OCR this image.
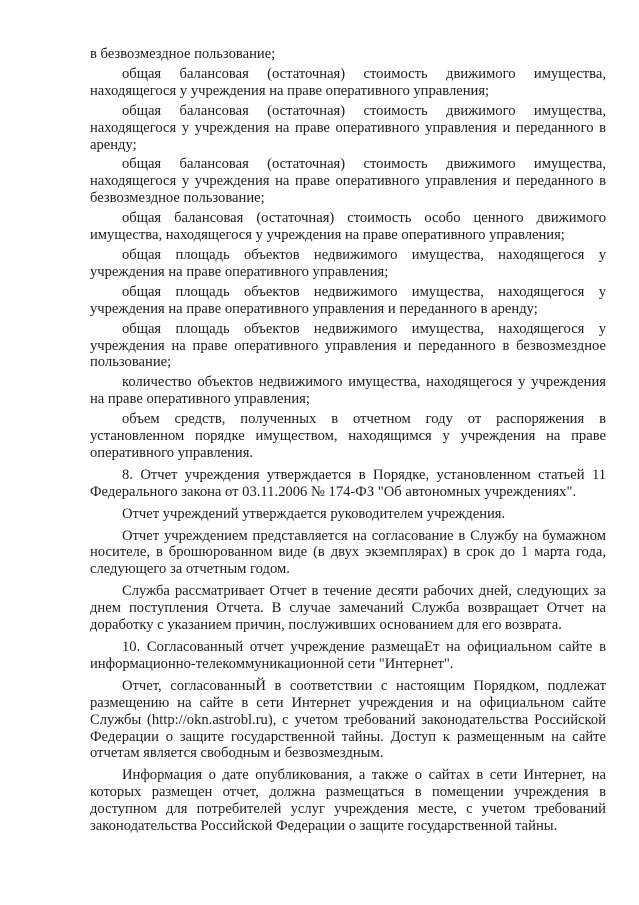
в безвозмездное пользование;

общая балансовая (остаточная) стоимость движимого имущества, находящегося у учреждения на праве оперативного управления;

общая балансовая (остаточная) стоимость движимого имущества, находящегося у учреждения на праве оперативного управления и переданного в аренду;

общая балансовая (остаточная) стоимость движимого имущества, находящегося у учреждения на праве оперативного управления и переданного в безвозмездное пользование;

общая балансовая (остаточная) стоимость особо ценного движимого имущества, находящегося у учреждения на праве оперативного управления;

общая площадь объектов недвижимого имущества, находящегося у учреждения на праве оперативного управления;

общая площадь объектов недвижимого имущества, находящегося у учреждения на праве оперативного управления и переданного в аренду;

общая площадь объектов недвижимого имущества, находящегося у учреждения на праве оперативного управления и переданного в безвозмездное пользование;

количество объектов недвижимого имущества, находящегося у учреждения на праве оперативного управления;

объем средств, полученных в отчетном году от распоряжения в установленном порядке имуществом, находящимся у учреждения на праве оперативного управления.

8. Отчет учреждения утверждается в Порядке, установленном статьей 11 Федерального закона от 03.11.2006 № 174-ФЗ "Об автономных учреждениях".

Отчет учреждений утверждается руководителем учреждения.

Отчет учреждением представляется на согласование в Службу на бумажном носителе, в брошюрованном виде (в двух экземплярах) в срок до 1 марта года, следующего за отчетным годом.

Служба рассматривает Отчет в течение десяти рабочих дней, следующих за днем поступления Отчета. В случае замечаний Служба возвращает Отчет на доработку с указанием причин, послуживших основанием для его возврата.

10. Согласованный отчет учреждение размещаЕт на официальном сайте в информационно-телекоммуникационной сети "Интернет".

Отчет, согласованныЙ в соответствии с настоящим Порядком, подлежат размещению на сайте в сети Интернет учреждения и на официальном сайте Службы (http://okn.astrobl.ru), с учетом требований законодательства Российской Федерации о защите государственной тайны. Доступ к размещенным на сайте отчетам является свободным и безвозмездным.

Информация о дате опубликования, а также о сайтах в сети Интернет, на которых размещен отчет, должна размещаться в помещении учреждения в доступном для потребителей услуг учреждения месте, с учетом требований законодательства Российской Федерации о защите государственной тайны.
